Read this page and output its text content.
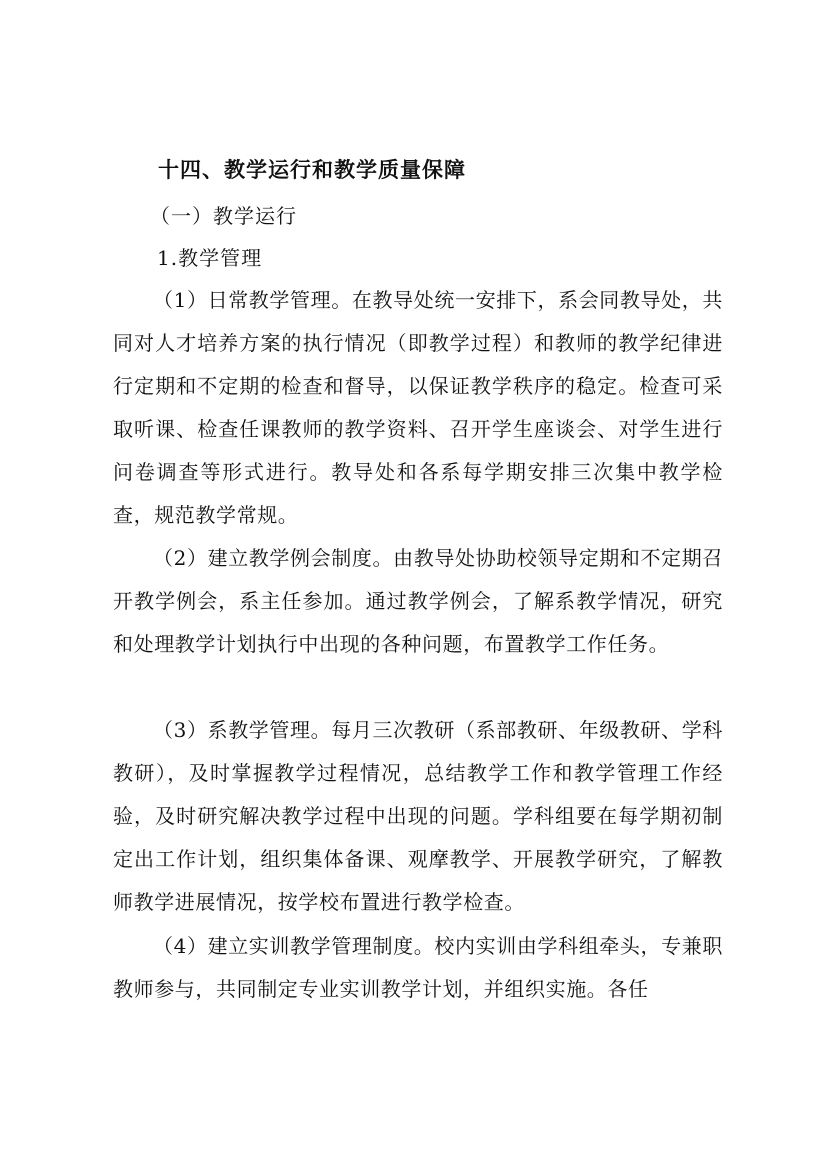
十四、教学运行和教学质量保障
（一）教学运行
1.教学管理

（1）日常教学管理。在教导处统一安排下，系会同教导处，共同对人才培养方案的执行情况（即教学过程）和教师的教学纪律进行定期和不定期的检查和督导，以保证教学秩序的稳定。检查可采取听课、检查任课教师的教学资料、召开学生座谈会、对学生进行问卷调查等形式进行。教导处和各系每学期安排三次集中教学检查，规范教学常规。

（2）建立教学例会制度。由教导处协助校领导定期和不定期召开教学例会，系主任参加。通过教学例会，了解系教学情况，研究和处理教学计划执行中出现的各种问题，布置教学工作任务。

（3）系教学管理。每月三次教研（系部教研、年级教研、学科教研），及时掌握教学过程情况，总结教学工作和教学管理工作经验，及时研究解决教学过程中出现的问题。学科组要在每学期初制定出工作计划，组织集体备课、观摩教学、开展教学研究，了解教师教学进展情况，按学校布置进行教学检查。

（4）建立实训教学管理制度。校内实训由学科组牵头，专兼职教师参与，共同制定专业实训教学计划，并组织实施。各任
